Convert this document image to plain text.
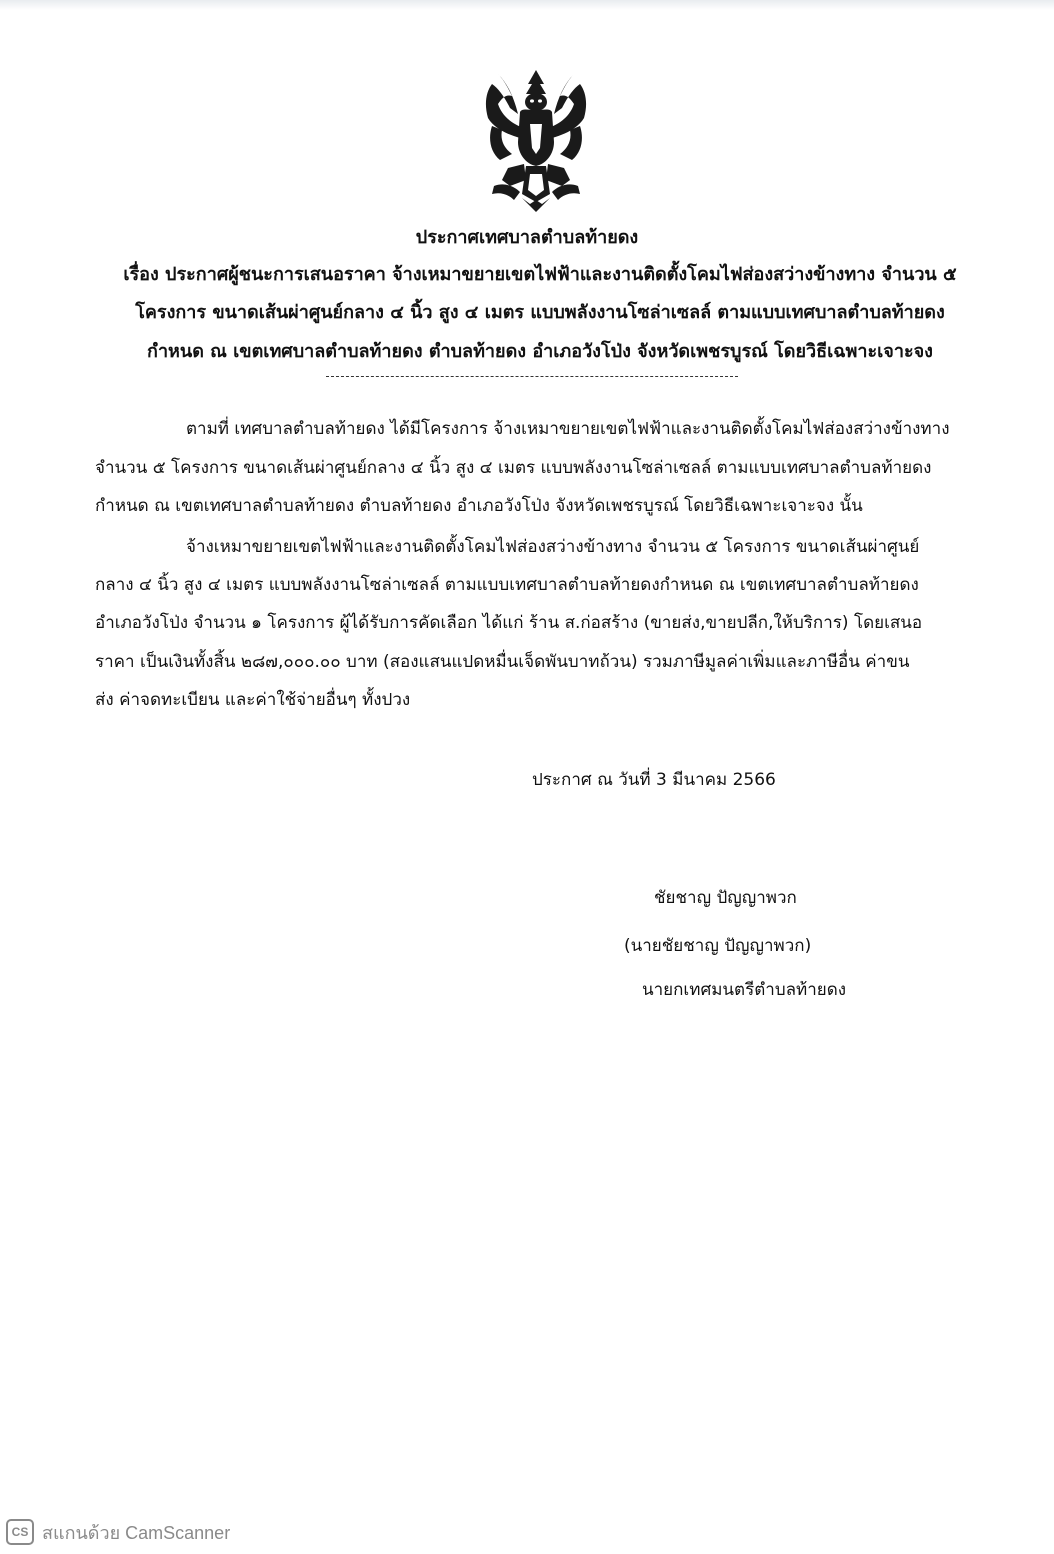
ประกาศเทศบาลตำบลท้ายดง
เรื่อง ประกาศผู้ชนะการเสนอราคา จ้างเหมาขยายเขตไฟฟ้าและงานติดตั้งโคมไฟส่องสว่างข้างทาง จำนวน ๕
โครงการ ขนาดเส้นผ่าศูนย์กลาง ๔ นิ้ว สูง ๔ เมตร แบบพลังงานโซล่าเซลล์ ตามแบบเทศบาลตำบลท้ายดง
กำหนด ณ เขตเทศบาลตำบลท้ายดง ตำบลท้ายดง อำเภอวังโป่ง จังหวัดเพชรบูรณ์ โดยวิธีเฉพาะเจาะจง
ตามที่ เทศบาลตำบลท้ายดง ได้มีโครงการ จ้างเหมาขยายเขตไฟฟ้าและงานติดตั้งโคมไฟส่องสว่างข้างทาง
จำนวน ๕ โครงการ ขนาดเส้นผ่าศูนย์กลาง ๔ นิ้ว สูง ๔ เมตร แบบพลังงานโซล่าเซลล์ ตามแบบเทศบาลตำบลท้ายดง
กำหนด ณ เขตเทศบาลตำบลท้ายดง ตำบลท้ายดง อำเภอวังโป่ง จังหวัดเพชรบูรณ์ โดยวิธีเฉพาะเจาะจง นั้น
จ้างเหมาขยายเขตไฟฟ้าและงานติดตั้งโคมไฟส่องสว่างข้างทาง จำนวน ๕ โครงการ ขนาดเส้นผ่าศูนย์
กลาง ๔ นิ้ว สูง ๔ เมตร แบบพลังงานโซล่าเซลล์ ตามแบบเทศบาลตำบลท้ายดงกำหนด ณ เขตเทศบาลตำบลท้ายดง
อำเภอวังโป่ง จำนวน ๑ โครงการ ผู้ได้รับการคัดเลือก ได้แก่ ร้าน ส.ก่อสร้าง (ขายส่ง,ขายปลีก,ให้บริการ) โดยเสนอ
ราคา เป็นเงินทั้งสิ้น ๒๘๗,๐๐๐.๐๐ บาท (สองแสนแปดหมื่นเจ็ดพันบาทถ้วน) รวมภาษีมูลค่าเพิ่มและภาษีอื่น ค่าขน
ส่ง ค่าจดทะเบียน และค่าใช้จ่ายอื่นๆ ทั้งปวง
ประกาศ ณ วันที่ 3 มีนาคม 2566
ชัยชาญ ปัญญาพวก
(นายชัยชาญ ปัญญาพวก)
นายกเทศมนตรีตำบลท้ายดง
CS สแกนด้วย CamScanner
